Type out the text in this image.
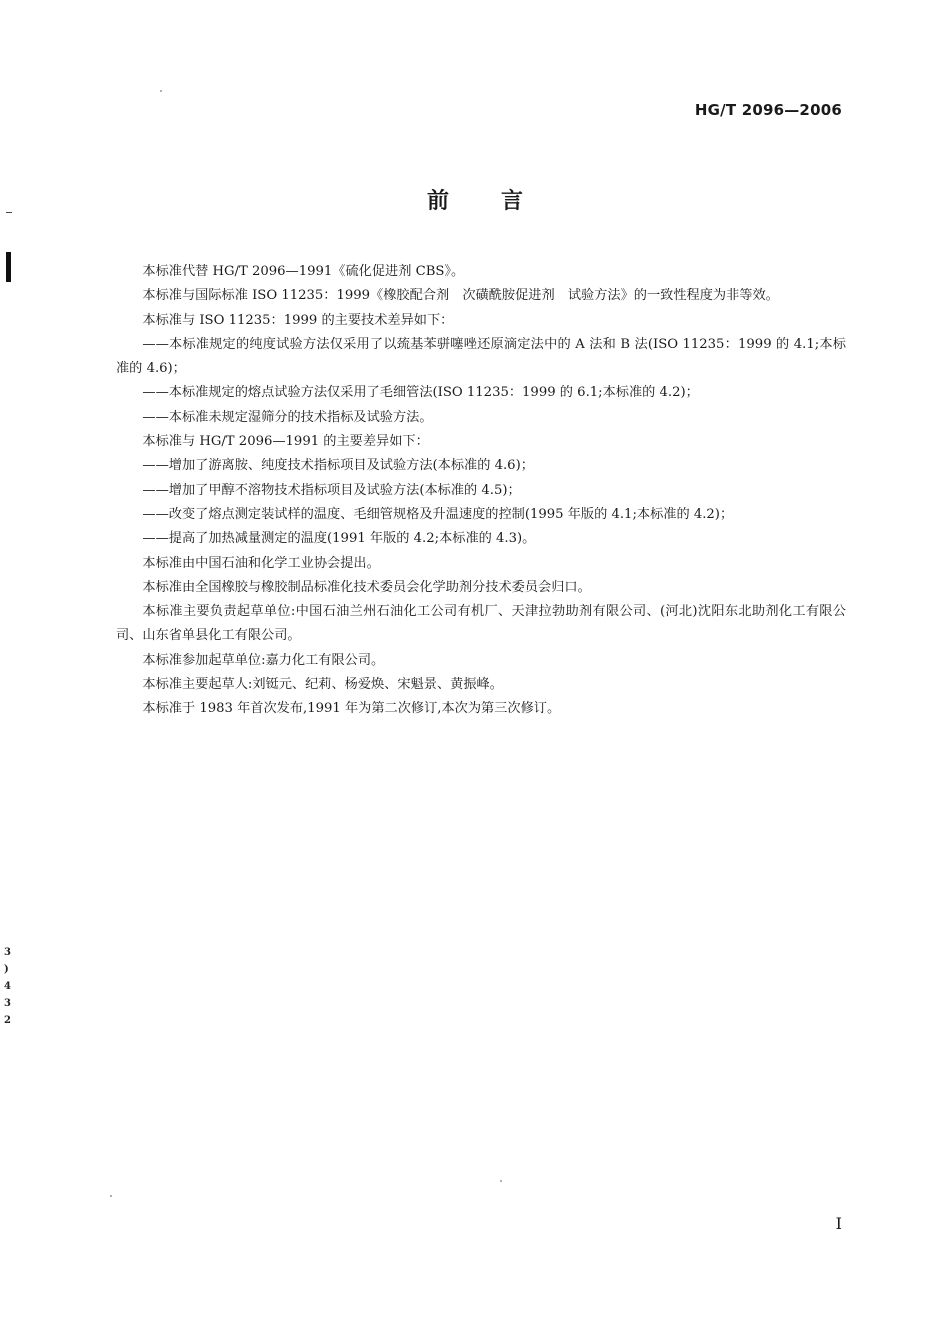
HG/T 2096—2006
前言

本标准代替 HG/T 2096—1991《硫化促进剂 CBS》。

本标准与国际标准 ISO 11235：1999《橡胶配合剂　次磺酰胺促进剂　试验方法》的一致性程度为非等效。

本标准与 ISO 11235：1999 的主要技术差异如下：

——本标准规定的纯度试验方法仅采用了以巯基苯骈噻唑还原滴定法中的 A 法和 B 法(ISO 11235：1999 的 4.1;本标准的 4.6)；

——本标准规定的熔点试验方法仅采用了毛细管法(ISO 11235：1999 的 6.1;本标准的 4.2)；

——本标准未规定湿筛分的技术指标及试验方法。

本标准与 HG/T 2096—1991 的主要差异如下：

——增加了游离胺、纯度技术指标项目及试验方法(本标准的 4.6)；

——增加了甲醇不溶物技术指标项目及试验方法(本标准的 4.5)；

——改变了熔点测定装试样的温度、毛细管规格及升温速度的控制(1995 年版的 4.1;本标准的 4.2)；

——提高了加热减量测定的温度(1991 年版的 4.2;本标准的 4.3)。

本标准由中国石油和化学工业协会提出。

本标准由全国橡胶与橡胶制品标准化技术委员会化学助剂分技术委员会归口。

本标准主要负责起草单位:中国石油兰州石油化工公司有机厂、天津拉勃助剂有限公司、(河北)沈阳东北助剂化工有限公司、山东省单县化工有限公司。

本标准参加起草单位:嘉力化工有限公司。

本标准主要起草人:刘铤元、纪莉、杨爱焕、宋魁景、黄振峰。

本标准于 1983 年首次发布,1991 年为第二次修订,本次为第三次修订。

I
3
)
4
3
2
